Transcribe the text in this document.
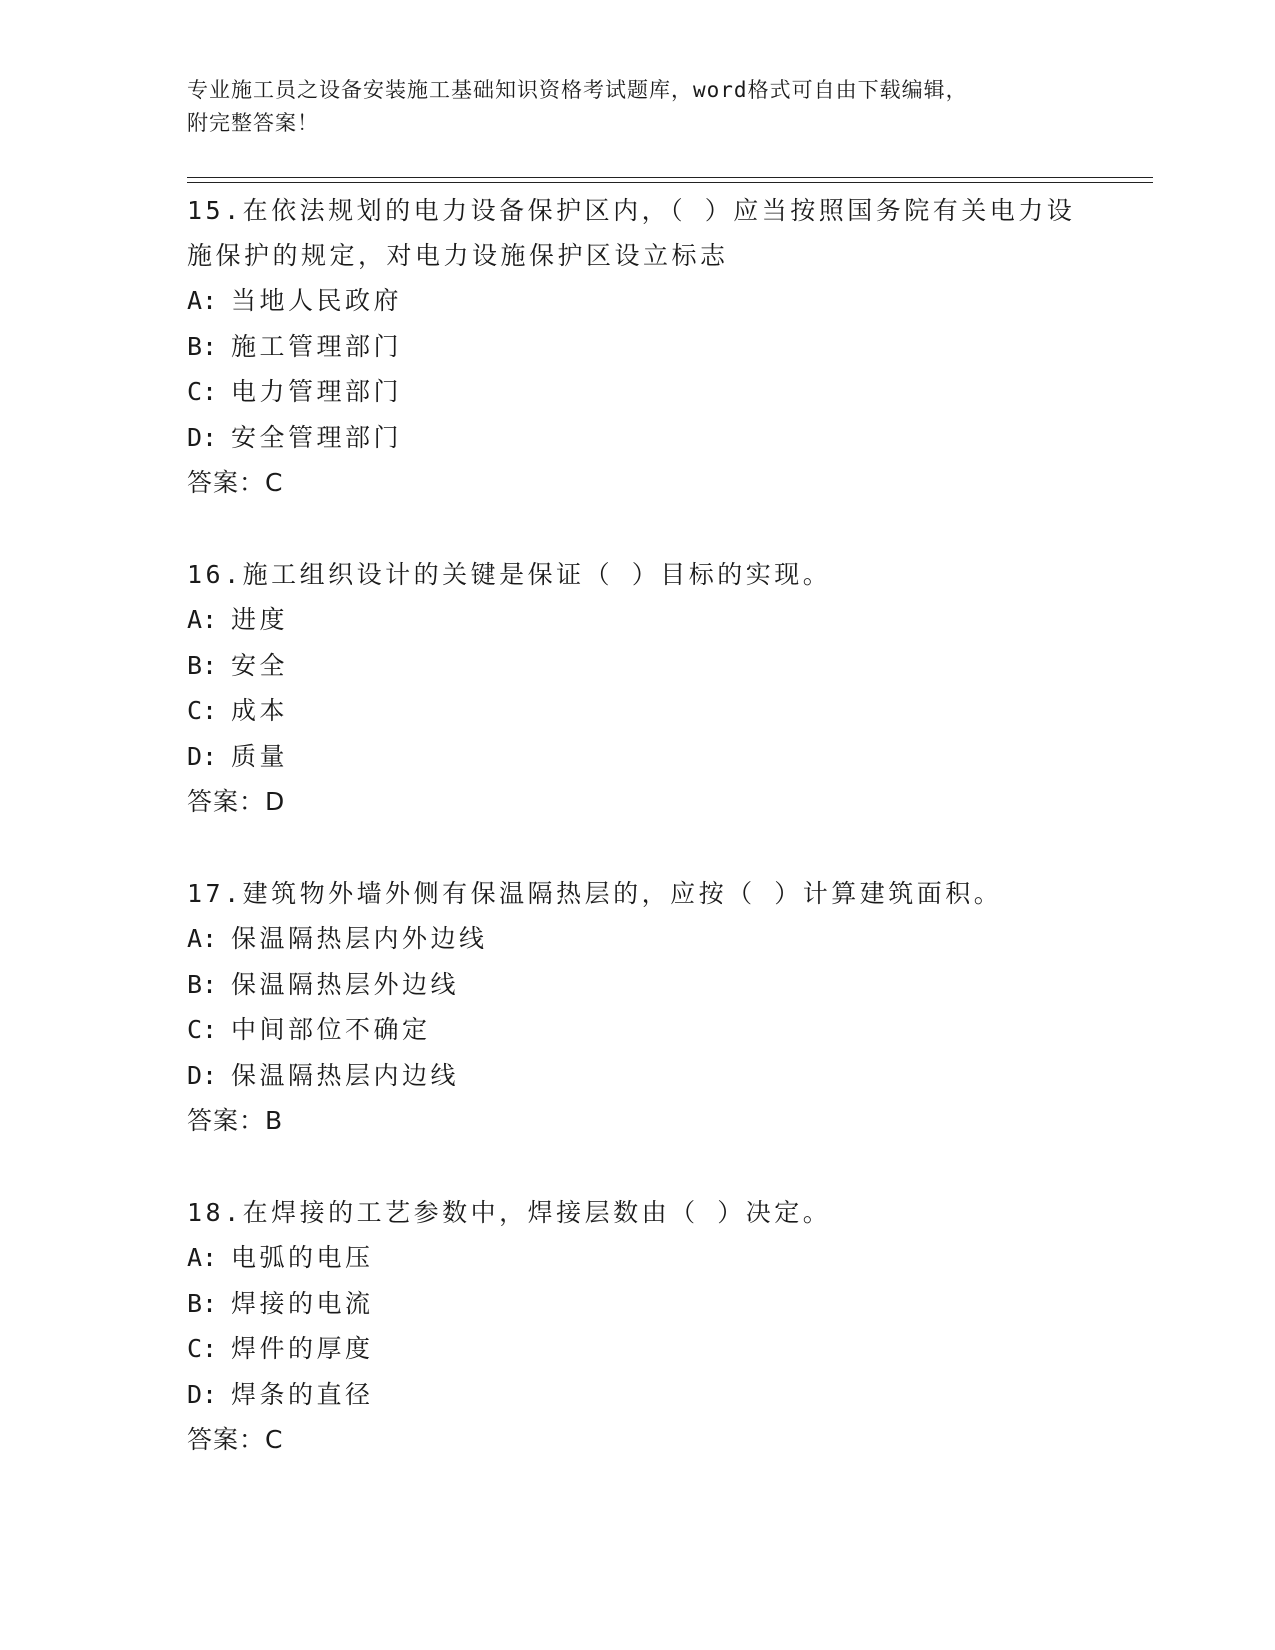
专业施工员之设备安装施工基础知识资格考试题库，word格式可自由下载编辑，
附完整答案！
15.在依法规划的电力设备保护区内，（ ）应当按照国务院有关电力设施保护的规定，对电力设施保护区设立标志
A: 当地人民政府
B: 施工管理部门
C: 电力管理部门
D: 安全管理部门
答案：C
16.施工组织设计的关键是保证（ ）目标的实现。
A: 进度
B: 安全
C: 成本
D: 质量
答案：D
17.建筑物外墙外侧有保温隔热层的，应按（ ）计算建筑面积。
A: 保温隔热层内外边线
B: 保温隔热层外边线
C: 中间部位不确定
D: 保温隔热层内边线
答案：B
18.在焊接的工艺参数中，焊接层数由（ ）决定。
A: 电弧的电压
B: 焊接的电流
C: 焊件的厚度
D: 焊条的直径
答案：C
